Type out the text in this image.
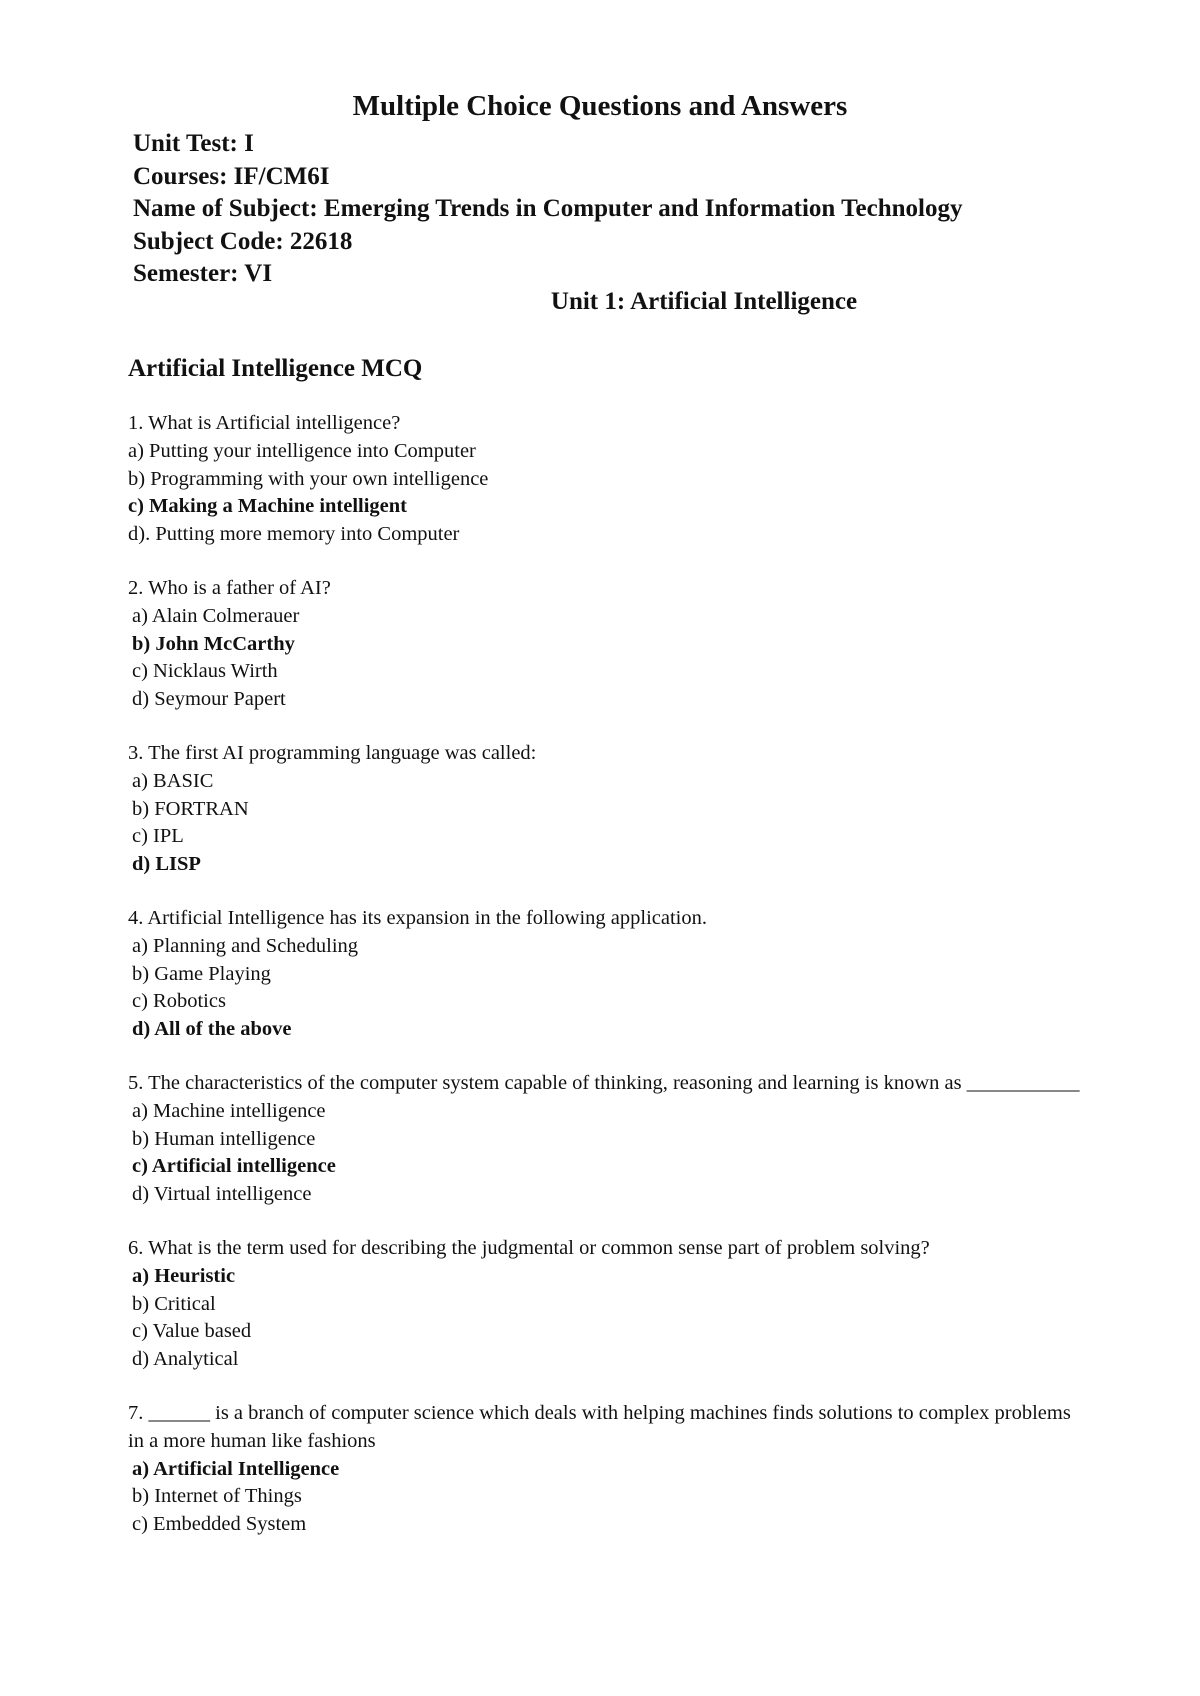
Multiple Choice Questions and Answers
Unit Test: I
Courses: IF/CM6I
Name of Subject: Emerging Trends in Computer and Information Technology
Subject Code: 22618
Semester: VI
Unit 1: Artificial Intelligence
Artificial Intelligence MCQ

1. What is Artificial intelligence?

a) Putting your intelligence into Computer
b) Programming with your own intelligence
c) Making a Machine intelligent
d). Putting more memory into Computer

2. Who is a father of AI?

a) Alain Colmerauer
b) John McCarthy
c) Nicklaus Wirth
d) Seymour Papert

3. The first AI programming language was called:

a) BASIC
b) FORTRAN
c) IPL
d) LISP

4. Artificial Intelligence has its expansion in the following application.

a) Planning and Scheduling
b) Game Playing
c) Robotics
d) All of the above

5. The characteristics of the computer system capable of thinking, reasoning and learning is known as ___________

a) Machine intelligence
b) Human intelligence
c) Artificial intelligence
d) Virtual intelligence

6. What is the term used for describing the judgmental or common sense part of problem solving?

a) Heuristic
b) Critical
c) Value based
d) Analytical

7. ______ is a branch of computer science which deals with helping machines finds solutions to complex problems in a more human like fashions

a) Artificial Intelligence
b) Internet of Things
c) Embedded System
